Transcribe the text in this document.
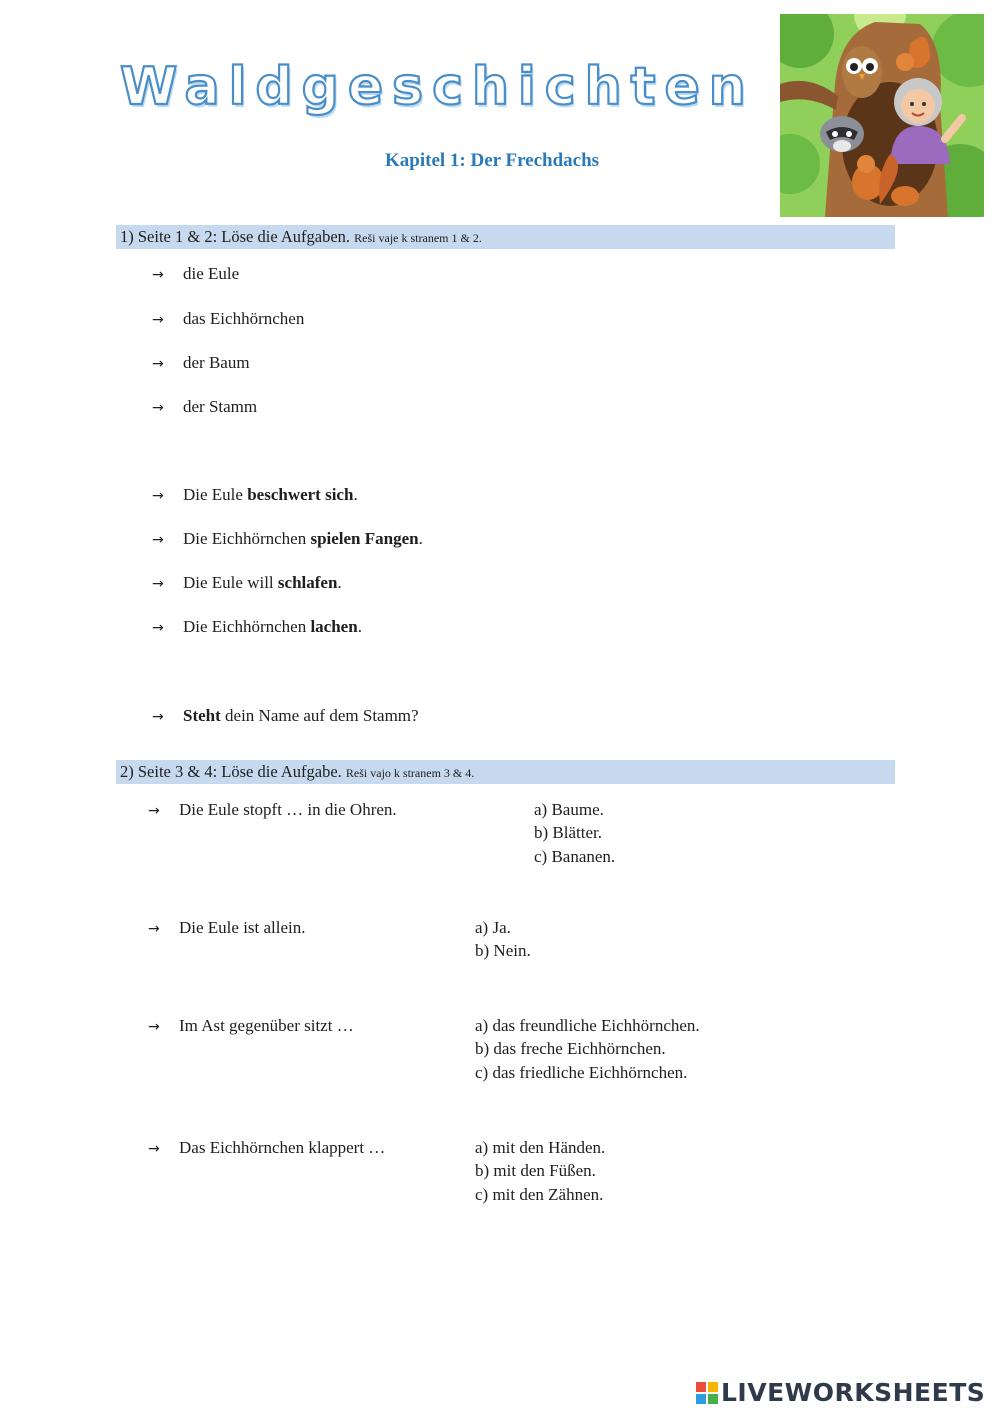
Waldgeschichten
Kapitel 1: Der Frechdachs
1) Seite 1 & 2: Löse die Aufgaben. Reši vaje k stranem 1 & 2.
→ die Eule
→ das Eichhörnchen
→ der Baum
→ der Stamm
→ Die Eule beschwert sich.
→ Die Eichhörnchen spielen Fangen.
→ Die Eule will schlafen.
→ Die Eichhörnchen lachen.
→ Steht dein Name auf dem Stamm?
2) Seite 3 & 4: Löse die Aufgabe. Reši vajo k stranem 3 & 4.
→ Die Eule stopft … in die Ohren.	a) Baume.
b) Blätter.
c) Bananen.
→ Die Eule ist allein.	a) Ja.
b) Nein.
→ Im Ast gegenüber sitzt …	a) das freundliche Eichhörnchen.
b) das freche Eichhörnchen.
c) das friedliche Eichhörnchen.
→ Das Eichhörnchen klappert …	a) mit den Händen.
b) mit den Füßen.
c) mit den Zähnen.
LIVEWORKSHEETS
